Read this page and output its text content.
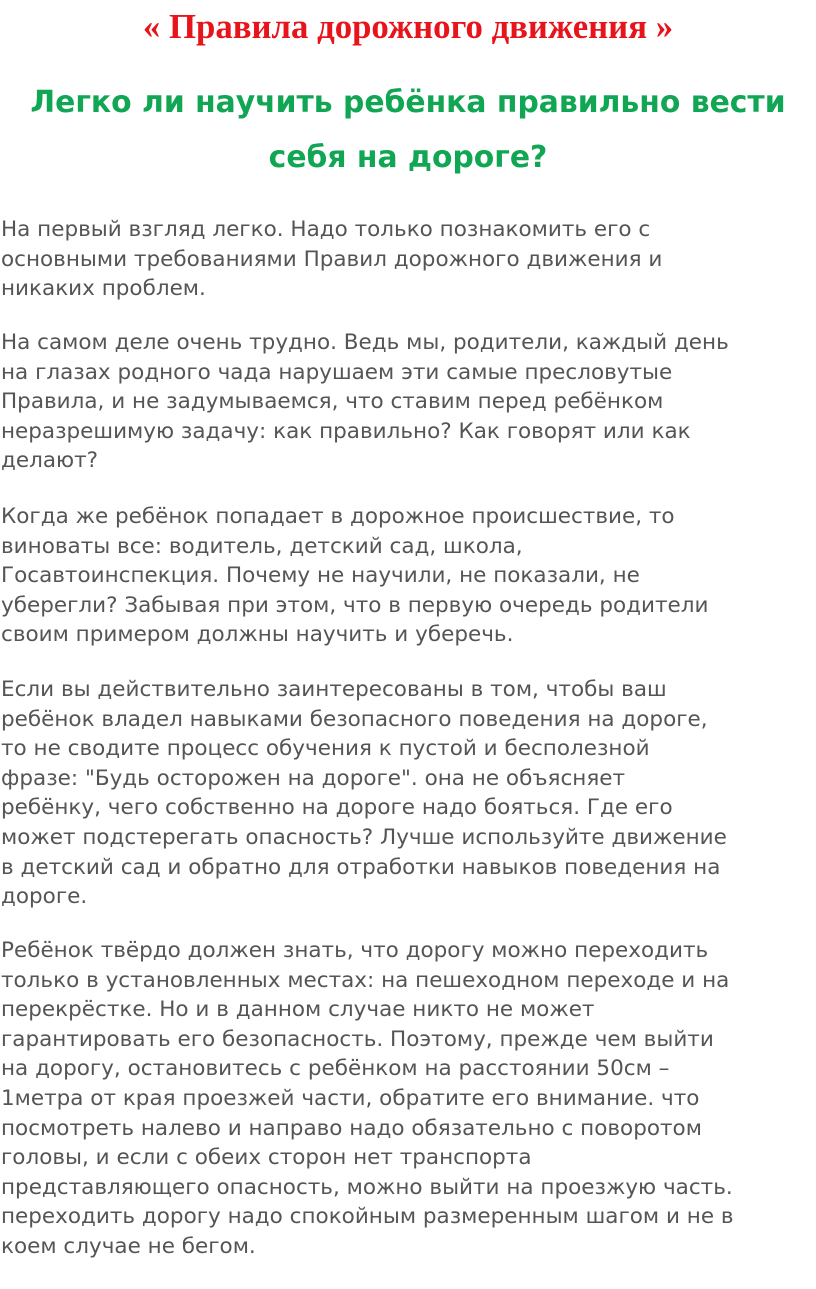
« Правила дорожного движения »
Легко ли научить ребёнка правильно вести
себя на дороге?
На первый взгляд легко. Надо только познакомить его с
основными требованиями Правил дорожного движения и
никаких проблем.
На самом деле очень трудно. Ведь мы, родители, каждый день
на глазах родного чада нарушаем эти самые пресловутые
Правила, и не задумываемся, что ставим перед ребёнком
неразрешимую задачу: как правильно? Как говорят или как
делают?
Когда же ребёнок попадает в дорожное происшествие, то
виноваты все: водитель, детский сад, школа,
Госавтоинспекция. Почему не научили, не показали, не
уберегли? Забывая при этом, что в первую очередь родители
своим примером должны научить и уберечь.
Если вы действительно заинтересованы в том, чтобы ваш
ребёнок владел навыками безопасного поведения на дороге,
то не сводите процесс обучения к пустой и бесполезной
фразе: "Будь осторожен на дороге". она не объясняет
ребёнку, чего собственно на дороге надо бояться. Где его
может подстерегать опасность? Лучше используйте движение
в детский сад и обратно для отработки навыков поведения на
дороге.
Ребёнок твёрдо должен знать, что дорогу можно переходить
только в установленных местах: на пешеходном переходе и на
перекрёстке. Но и в данном случае никто не может
гарантировать его безопасность. Поэтому, прежде чем выйти
на дорогу, остановитесь с ребёнком на расстоянии 50см –
1метра от края проезжей части, обратите его внимание. что
посмотреть налево и направо надо обязательно с поворотом
головы, и если с обеих сторон нет транспорта
представляющего опасность, можно выйти на проезжую часть.
переходить дорогу надо спокойным размеренным шагом и не в
коем случае не бегом.
